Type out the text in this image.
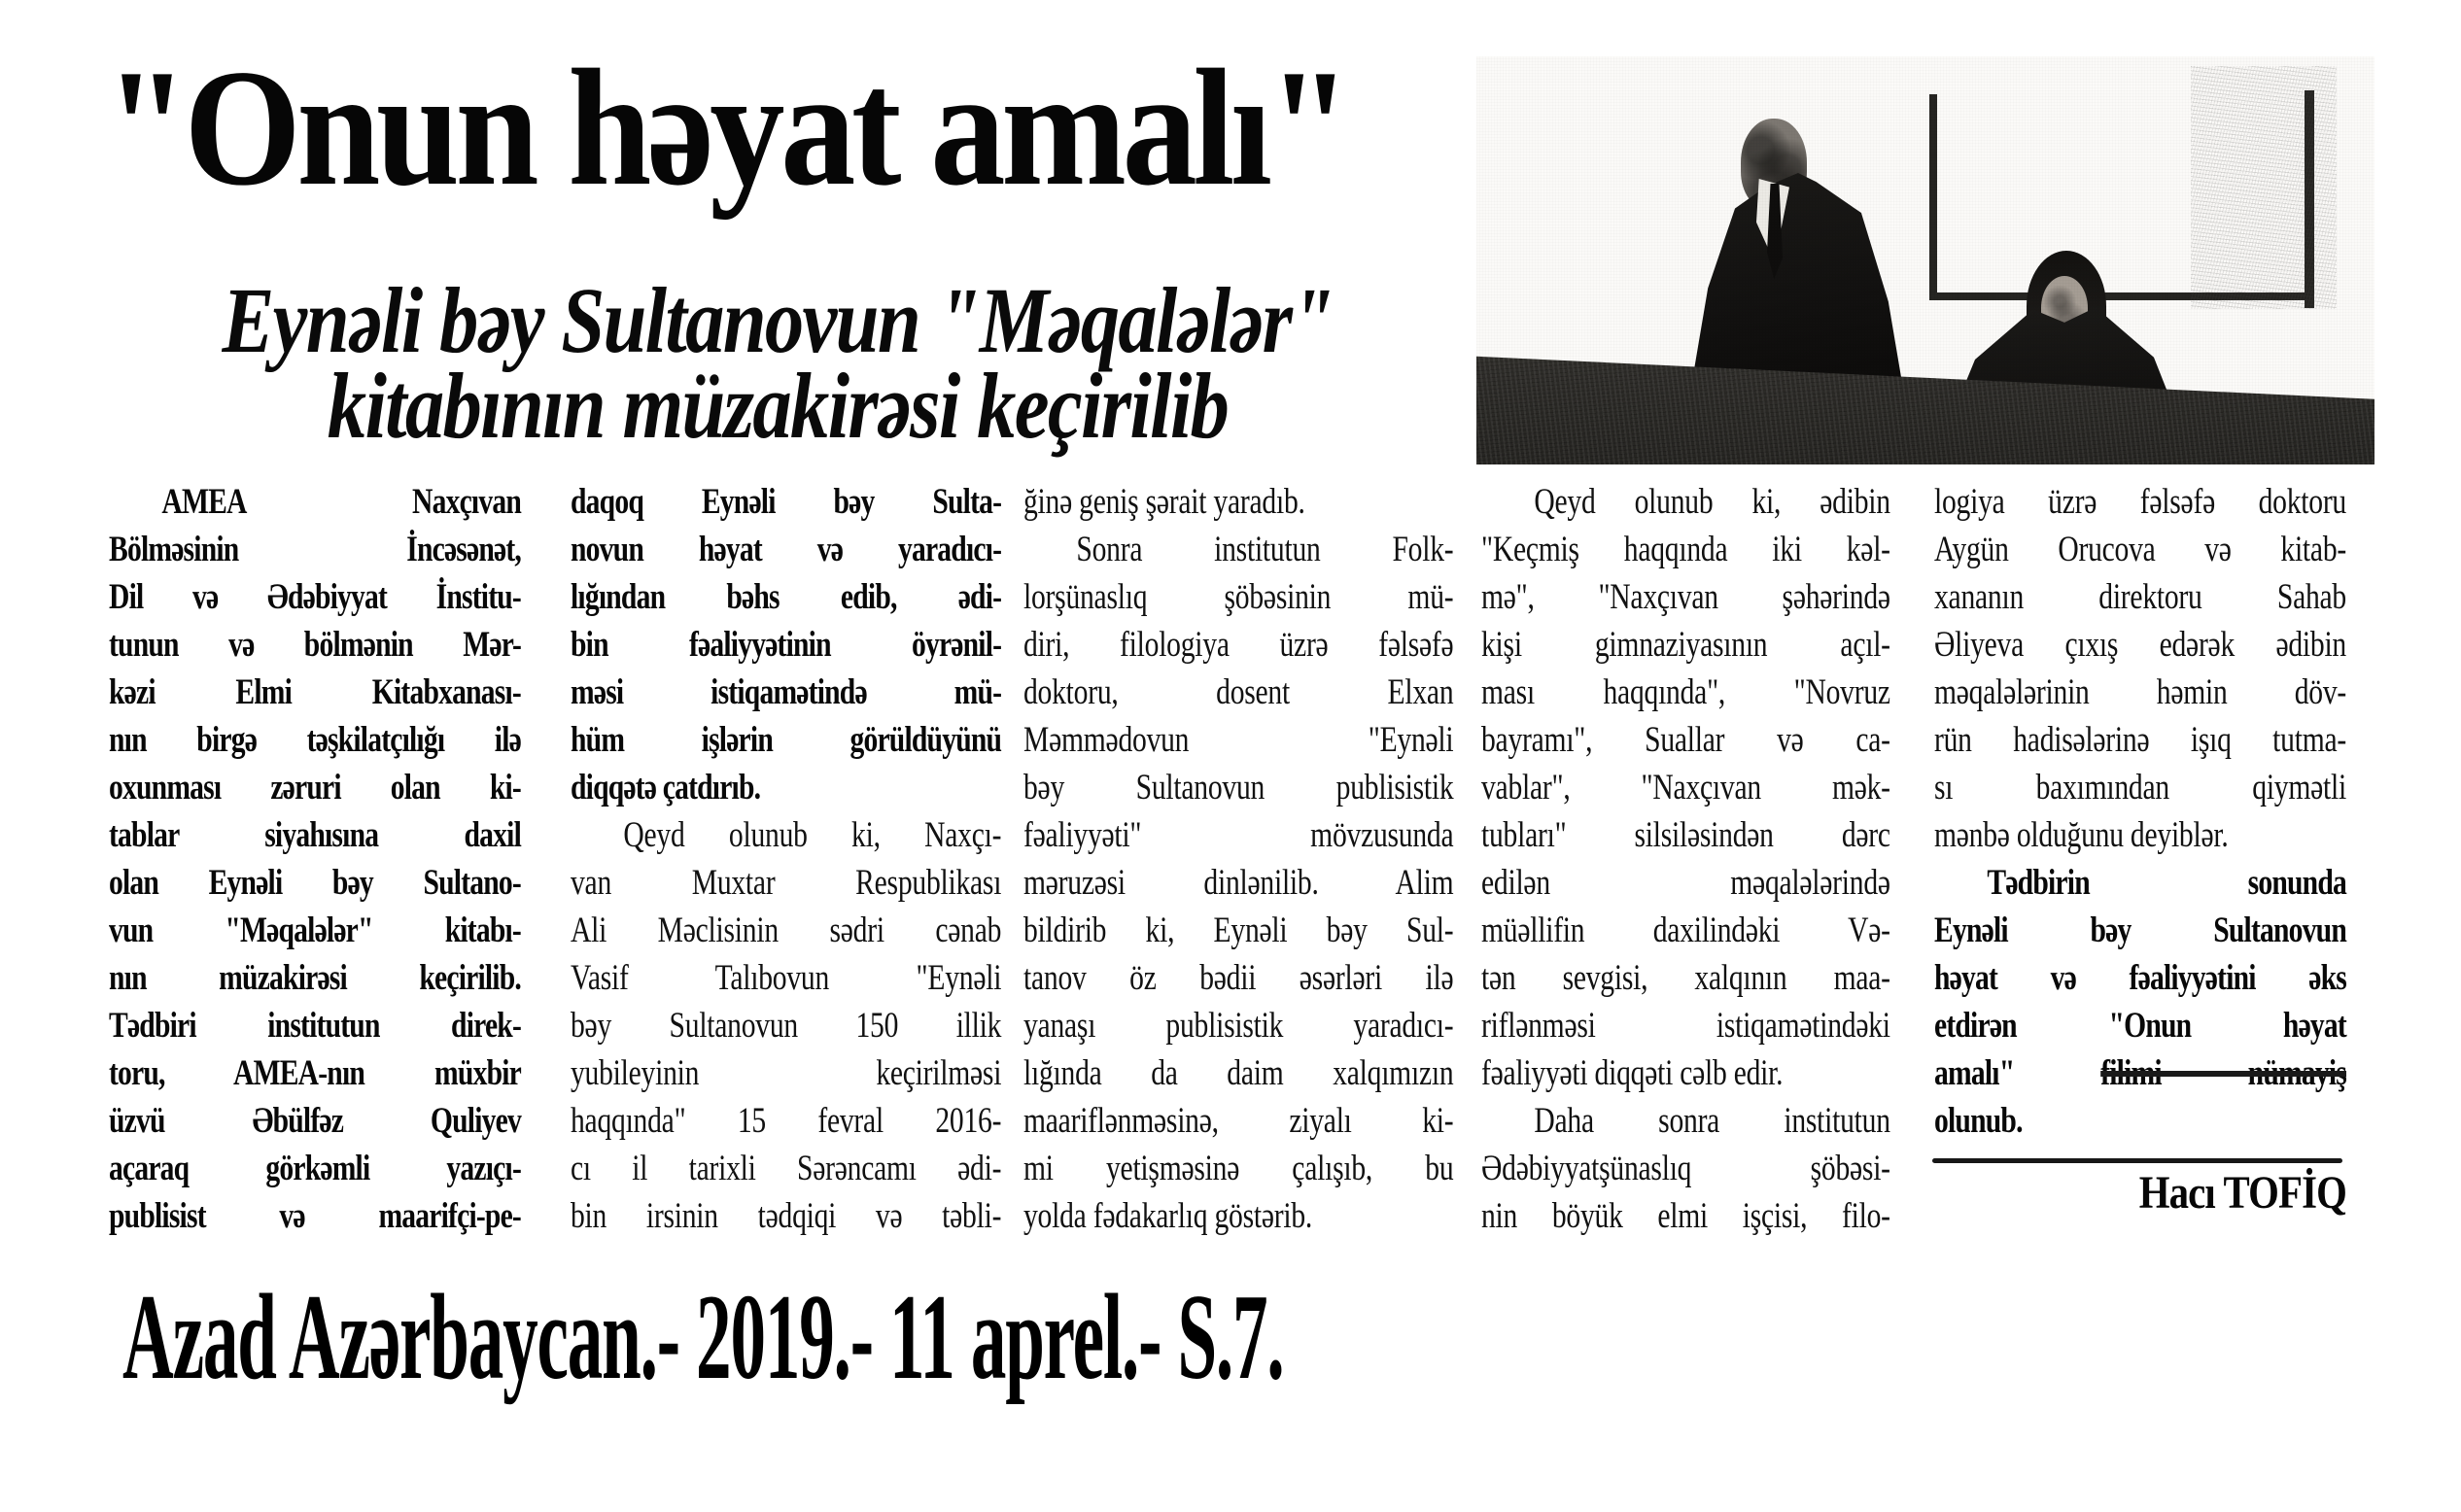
"Onun həyat amalı"
Eynəli bəy Sultanovun "Məqalələr"
kitabının müzakirəsi keçirilib
AMEA Naxçıvan
Bölməsinin İncəsənət,
Dil və Ədəbiyyat İnstitu-
tunun və bölmənin Mər-
kəzi Elmi Kitabxanası-
nın birgə təşkilatçılığı ilə
oxunması zəruri olan ki-
tablar siyahısına daxil
olan Eynəli bəy Sultano-
vun "Məqalələr" kitabı-
nın müzakirəsi keçirilib.
Tədbiri institutun direk-
toru, AMEA-nın müxbir
üzvü Əbülfəz Quliyev
açaraq görkəmli yazıçı-
publisist və maarifçi-pe-
daqoq Eynəli bəy Sulta-
novun həyat və yaradıcı-
lığından bəhs edib, ədi-
bin fəaliyyətinin öyrənil-
məsi istiqamətində mü-
hüm işlərin görüldüyünü
diqqətə çatdırıb.
Qeyd olunub ki, Naxçı-
van Muxtar Respublikası
Ali Məclisinin sədri cənab
Vasif Talıbovun "Eynəli
bəy Sultanovun 150 illik
yubileyinin keçirilməsi
haqqında" 15 fevral 2016-
cı il tarixli Sərəncamı ədi-
bin irsinin tədqiqi və təbli-
ğinə geniş şərait yaradıb.
Sonra institutun Folk-
lorşünaslıq şöbəsinin mü-
diri, filologiya üzrə fəlsəfə
doktoru, dosent Elxan
Məmmədovun "Eynəli
bəy Sultanovun publisistik
fəaliyyəti" mövzusunda
məruzəsi dinlənilib. Alim
bildirib ki, Eynəli bəy Sul-
tanov öz bədii əsərləri ilə
yanaşı publisistik yaradıcı-
lığında da daim xalqımızın
maariflənməsinə, ziyalı ki-
mi yetişməsinə çalışıb, bu
yolda fədakarlıq göstərib.
Qeyd olunub ki, ədibin
"Keçmiş haqqında iki kəl-
mə", "Naxçıvan şəhərində
kişi gimnaziyasının açıl-
ması haqqında", "Novruz
bayramı", Suallar və ca-
vablar", "Naxçıvan mək-
tubları" silsiləsindən dərc
edilən məqalələrində
müəllifin daxilindəki Və-
tən sevgisi, xalqının maa-
riflənməsi istiqamətindəki
fəaliyyəti diqqəti cəlb edir.
Daha sonra institutun
Ədəbiyyatşünaslıq şöbəsi-
nin böyük elmi işçisi, filo-
logiya üzrə fəlsəfə doktoru
Aygün Orucova və kitab-
xananın direktoru Sahab
Əliyeva çıxış edərək ədibin
məqalələrinin həmin döv-
rün hadisələrinə işıq tutma-
sı baxımından qiymətli
mənbə olduğunu deyiblər.
Tədbirin sonunda
Eynəli bəy Sultanovun
həyat və fəaliyyətini əks
etdirən "Onun həyat
amalı" filimi nümayiş
olunub.
Hacı TOFİQ
Azad Azərbaycan.- 2019.- 11 aprel.- S.7.
